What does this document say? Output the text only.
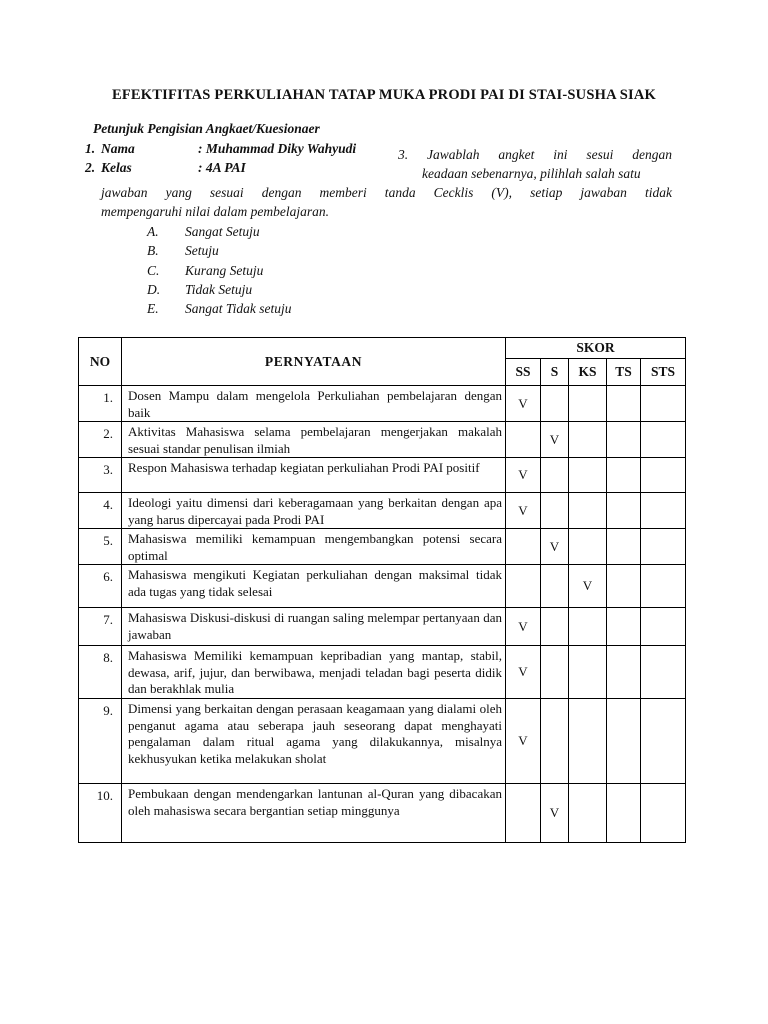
EFEKTIFITAS PERKULIAHAN TATAP MUKA PRODI PAI DI STAI-SUSHA SIAK
Petunjuk Pengisian Angkaet/Kuesionaer
1. Nama	: Muhammad Diky Wahyudi
2. Kelas	: 4A PAI
3. Jawablah angket ini sesui dengan
keadaan sebenarnya, pilihlah salah satu
jawaban yang sesuai dengan memberi tanda Cecklis (V), setiap jawaban tidak
mempengaruhi nilai dalam pembelajaran.
A. Sangat Setuju
B. Setuju
C. Kurang Setuju
D. Tidak Setuju
E. Sangat Tidak setuju
NO	PERNYATAAN	SKOR				
		SS	S	KS	TS	STS
1.	Dosen Mampu dalam mengelola Perkuliahan pembelajaran dengan baik	V				
2.	Aktivitas Mahasiswa selama pembelajaran mengerjakan makalah sesuai standar penulisan ilmiah		V			
3.	Respon Mahasiswa terhadap kegiatan perkuliahan Prodi PAI positif	V				
4.	Ideologi yaitu dimensi dari keberagamaan yang berkaitan dengan apa yang harus dipercayai pada Prodi PAI	V				
5.	Mahasiswa memiliki kemampuan mengembangkan potensi secara optimal		V			
6.	Mahasiswa mengikuti Kegiatan perkuliahan dengan maksimal tidak ada tugas yang tidak selesai			V		
7.	Mahasiswa Diskusi-diskusi di ruangan saling melempar pertanyaan dan jawaban	V				
8.	Mahasiswa Memiliki kemampuan kepribadian yang mantap, stabil, dewasa, arif, jujur, dan berwibawa, menjadi teladan bagi peserta didik dan berakhlak mulia	V				
9.	Dimensi yang berkaitan dengan perasaan keagamaan yang dialami oleh penganut agama atau seberapa jauh seseorang dapat menghayati pengalaman dalam ritual agama yang dilakukannya, misalnya kekhusyukan ketika melakukan sholat	V				
10.	Pembukaan dengan mendengarkan lantunan al-Quran yang dibacakan oleh mahasiswa secara bergantian setiap minggunya		V			
